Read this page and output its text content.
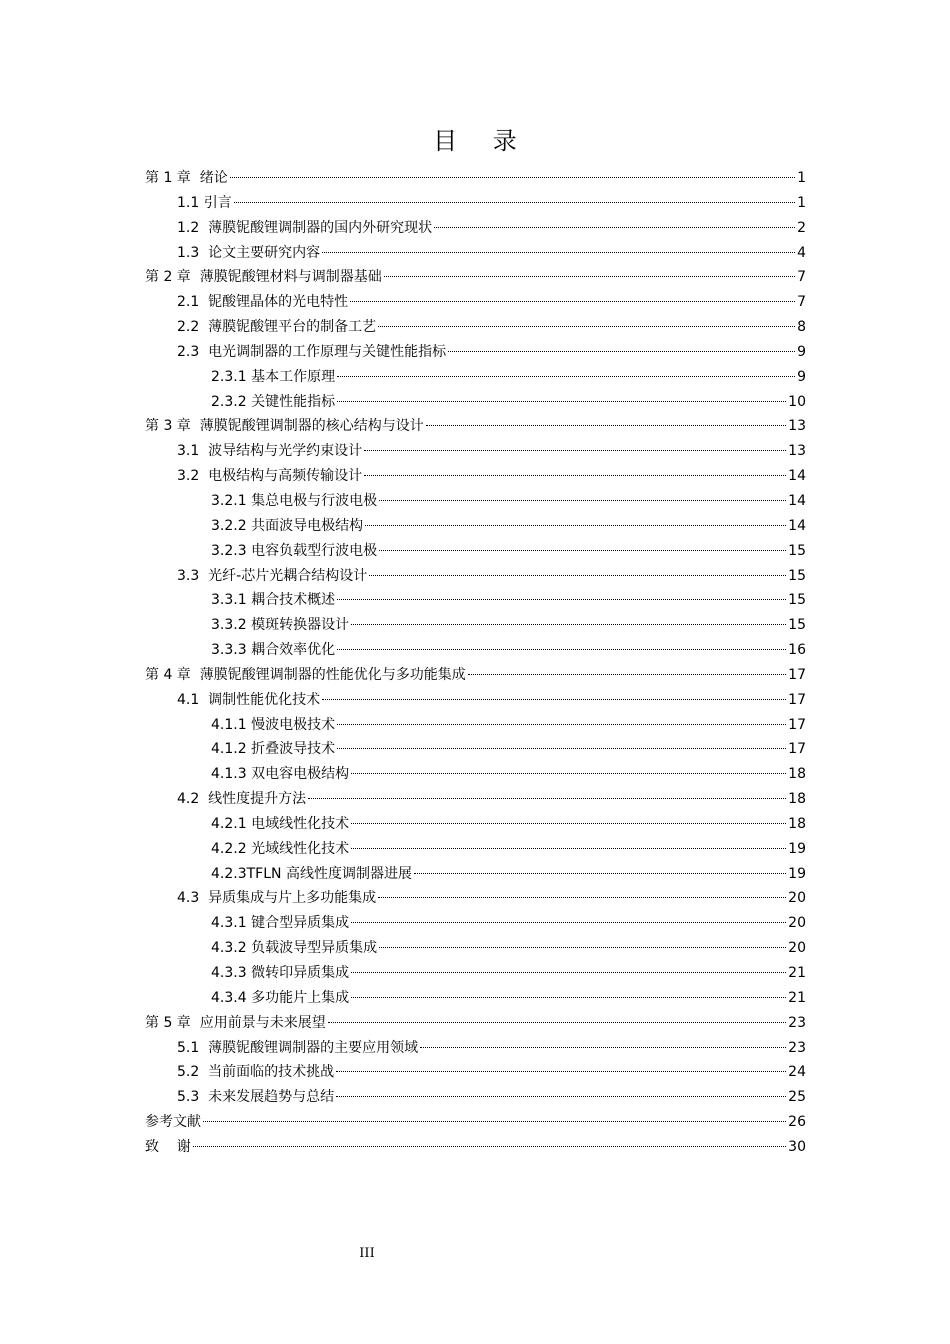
目 录
第 1 章  绪论	1
1.1 引言	1
1.2  薄膜铌酸锂调制器的国内外研究现状	2
1.3  论文主要研究内容	4
第 2 章  薄膜铌酸锂材料与调制器基础	7
2.1  铌酸锂晶体的光电特性	7
2.2  薄膜铌酸锂平台的制备工艺	8
2.3  电光调制器的工作原理与关键性能指标	9
2.3.1 基本工作原理	9
2.3.2 关键性能指标	10
第 3 章  薄膜铌酸锂调制器的核心结构与设计	13
3.1  波导结构与光学约束设计	13
3.2  电极结构与高频传输设计	14
3.2.1 集总电极与行波电极	14
3.2.2 共面波导电极结构	14
3.2.3 电容负载型行波电极	15
3.3  光纤-芯片光耦合结构设计	15
3.3.1 耦合技术概述	15
3.3.2 模斑转换器设计	15
3.3.3 耦合效率优化	16
第 4 章  薄膜铌酸锂调制器的性能优化与多功能集成	17
4.1  调制性能优化技术	17
4.1.1 慢波电极技术	17
4.1.2 折叠波导技术	17
4.1.3 双电容电极结构	18
4.2  线性度提升方法	18
4.2.1 电域线性化技术	18
4.2.2 光域线性化技术	19
4.2.3TFLN 高线性度调制器进展	19
4.3  异质集成与片上多功能集成	20
4.3.1 键合型异质集成	20
4.3.2 负载波导型异质集成	20
4.3.3 微转印异质集成	21
4.3.4 多功能片上集成	21
第 5 章  应用前景与未来展望	23
5.1  薄膜铌酸锂调制器的主要应用领域	23
5.2  当前面临的技术挑战	24
5.3  未来发展趋势与总结	25
参考文献	26
致    谢	30
III
